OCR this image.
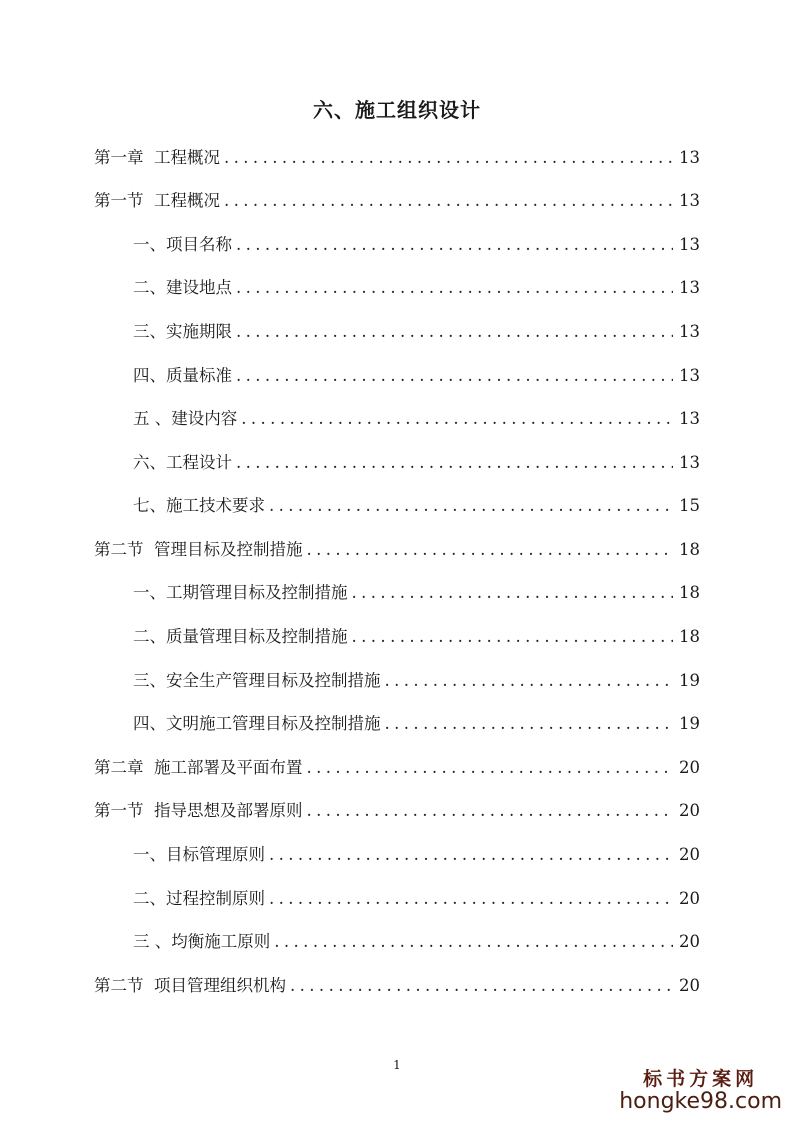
六、施工组织设计
第一章  工程概况 .....	13
第一节  工程概况 .....	13
一、项目名称 .....	13
二、建设地点 .....	13
三、实施期限 .....	13
四、质量标准 .....	13
五 、建设内容 .....	13
六、工程设计 .....	13
七、施工技术要求 .....	15
第二节  管理目标及控制措施 .....	18
一、工期管理目标及控制措施 .....	18
二、质量管理目标及控制措施 .....	18
三、安全生产管理目标及控制措施 .....	19
四、文明施工管理目标及控制措施 .....	19
第二章  施工部署及平面布置 .....	20
第一节  指导思想及部署原则 .....	20
一、目标管理原则 .....	20
二、过程控制原则 .....	20
三 、均衡施工原则 .....	20
第二节  项目管理组织机构 .....	20
1
标书方案网
hongke98.com
